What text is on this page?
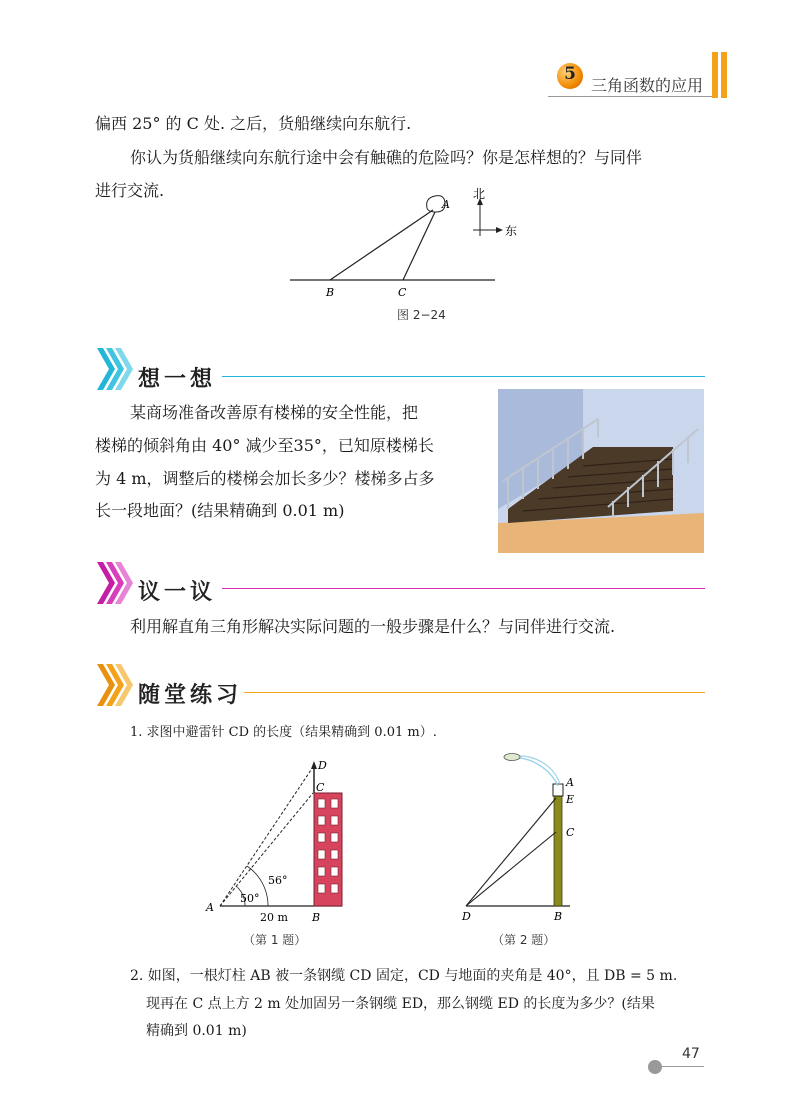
5
三角函数的应用
偏西 25° 的 C 处. 之后，货船继续向东航行.
你认为货船继续向东航行途中会有触礁的危险吗？你是怎样想的？与同伴
进行交流.
A
B	C
北
东
图 2−24
想一想
某商场准备改善原有楼梯的安全性能，把
楼梯的倾斜角由 40° 减少至35°，已知原楼梯长
为 4 m，调整后的楼梯会加长多少？楼梯多占多
长一段地面？(结果精确到 0.01 m)
议一议
利用解直角三角形解决实际问题的一般步骤是什么？与同伴进行交流.
随堂练习
1. 求图中避雷针 CD 的长度（结果精确到 0.01 m）.
D
C
A
B
50°
56°
20 m
（第 1 题）
A
E
C
D	B
（第 2 题）
2. 如图，一根灯柱 AB 被一条钢缆 CD 固定，CD 与地面的夹角是 40°，且 DB = 5 m.
现再在 C 点上方 2 m 处加固另一条钢缆 ED，那么钢缆 ED 的长度为多少？(结果
精确到 0.01 m)
47
